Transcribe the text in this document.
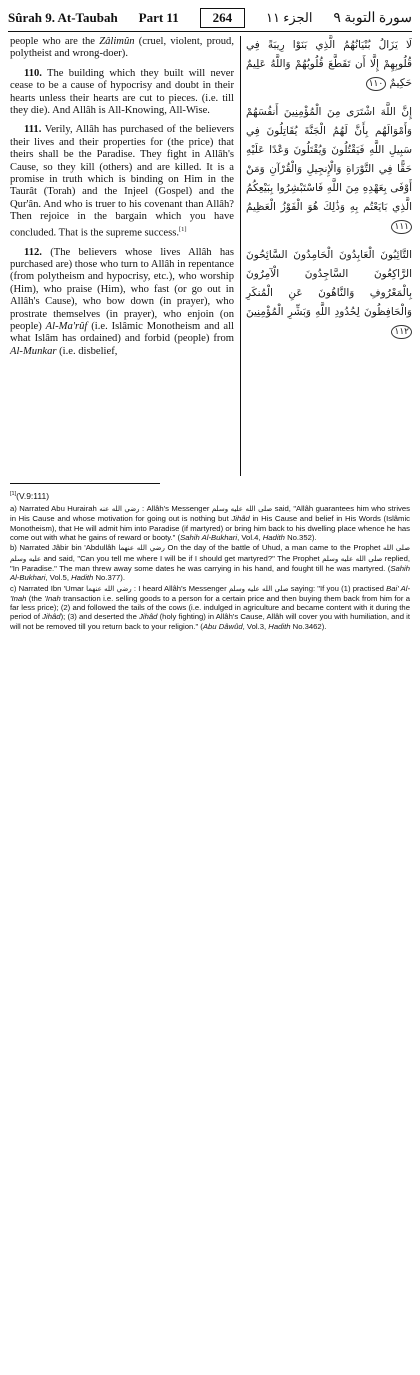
Sûrah 9. At-Taubah Part 11	264	الجزء ١١ سورة التوبة ٩

people who are the Zâlimûn (cruel, violent, proud, polytheist and wrong-doer).

110. The building which they built will never cease to be a cause of hypocrisy and doubt in their hearts unless their hearts are cut to pieces. (i.e. till they die). And Allâh is All-Knowing, All-Wise.

111. Verily, Allâh has purchased of the believers their lives and their properties for (the price) that theirs shall be the Paradise. They fight in Allâh's Cause, so they kill (others) and are killed. It is a promise in truth which is binding on Him in the Taurât (Torah) and the Injeel (Gospel) and the Qur'ân. And who is truer to his covenant than Allâh? Then rejoice in the bargain which you have concluded. That is the supreme success.[1]

112. (The believers whose lives Allâh has purchased are) those who turn to Allâh in repentance (from polytheism and hypocrisy, etc.), who worship (Him), who praise (Him), who fast (or go out in Allâh's Cause), who bow down (in prayer), who prostrate themselves (in prayer), who enjoin (on people) Al-Ma'rûf (i.e. Islâmic Monotheism and all what Islâm has ordained) and forbid (people) from Al-Munkar (i.e. disbelief,

لَا يَزَالُ بُنْيَانُهُمُ الَّذِي بَنَوْا رِيبَةً فِي قُلُوبِهِمْ إِلَّا أَن تَقَطَّعَ قُلُوبُهُمْ وَاللَّهُ عَلِيمٌ حَكِيمٌ ١١٠

إِنَّ اللَّهَ اشْتَرَى مِنَ الْمُؤْمِنِينَ أَنفُسَهُمْ وَأَمْوَالَهُم بِأَنَّ لَهُمُ الْجَنَّةَ يُقَاتِلُونَ فِي سَبِيلِ اللَّهِ فَيَقْتُلُونَ وَيُقْتَلُونَ وَعْدًا عَلَيْهِ حَقًّا فِي التَّوْرَاةِ وَالْإِنجِيلِ وَالْقُرْآنِ وَمَنْ أَوْفَى بِعَهْدِهِ مِنَ اللَّهِ فَاسْتَبْشِرُوا بِبَيْعِكُمُ الَّذِي بَايَعْتُم بِهِ وَذَٰلِكَ هُوَ الْفَوْزُ الْعَظِيمُ ١١١

التَّائِبُونَ الْعَابِدُونَ الْحَامِدُونَ السَّائِحُونَ الرَّاكِعُونَ السَّاجِدُونَ الْآمِرُونَ بِالْمَعْرُوفِ وَالنَّاهُونَ عَنِ الْمُنكَرِ وَالْحَافِظُونَ لِحُدُودِ اللَّهِ وَبَشِّرِ الْمُؤْمِنِينَ ١١٢

[1](V.9:111)

a) Narrated Abu Hurairah رضي الله عنه : Allâh's Messenger صلى الله عليه وسلم said, "Allâh guarantees him who strives in His Cause and whose motivation for going out is nothing but Jihâd in His Cause and belief in His Words (Islâmic Monotheism), that He will admit him into Paradise (if martyred) or bring him back to his dwelling place whence he has come out with what he gains of reward or booty." (Sahih Al-Bukhari, Vol.4, Hadith No.352).

b) Narrated Jâbir bin 'Abdullâh رضي الله عنهما On the day of the battle of Uhud, a man came to the Prophet صلى الله عليه وسلم and said, "Can you tell me where I will be if I should get martyred?" The Prophet صلى الله عليه وسلم replied, "In Paradise." The man threw away some dates he was carrying in his hand, and fought till he was martyred. (Sahih Al-Bukhari, Vol.5, Hadith No.377).

c) Narrated Ibn 'Umar رضي الله عنهما : I heard Allâh's Messenger صلى الله عليه وسلم saying: "If you (1) practised Bai' Al-'Inah (the 'Inah transaction i.e. selling goods to a person for a certain price and then buying them back from him for a far less price); (2) and followed the tails of the cows (i.e. indulged in agriculture and became content with it during the period of Jihâd); (3) and deserted the Jihâd (holy fighting) in Allâh's Cause, Allâh will cover you with humiliation, and it will not be removed till you return back to your religion." (Abu Dâwûd, Vol.3, Hadith No.3462).
